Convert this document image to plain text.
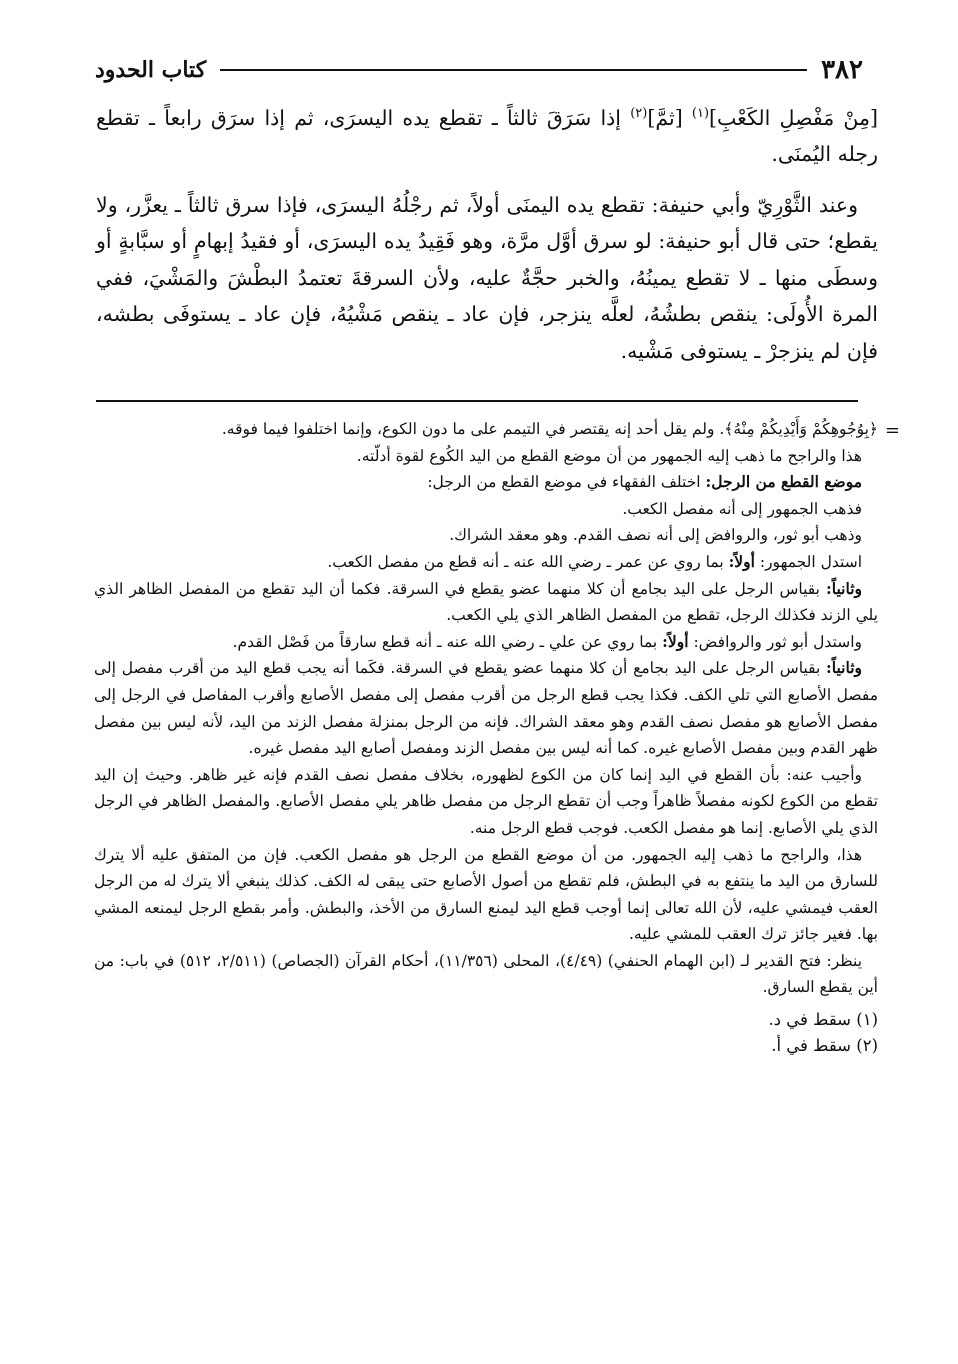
٣٨٢
كتاب الحدود

[مِنْ مَفْصِلِ الكَعْبِ]$^{(١)}$ [ثمَّ]$^{(٢)}$ إذا سَرَقَ ثالثاً ـ تقطع يده اليسرَى، ثم إذا سرَق رابعاً ـ تقطع رجله اليُمنَى.

وعند الثَّوْرِيّ وأبي حنيفة: تقطع يده اليمنَى أولاً، ثم رجْلُهُ اليسرَى، فإذا سرق ثالثاً ـ يعزَّر، ولا يقطع؛ حتى قال أبو حنيفة: لو سرق أوَّل مرَّة، وهو فَقِيدُ يده اليسرَى، أو فقيدُ إبهامٍ أو سبَّابةٍ أو وسطَى منها ـ لا تقطع يمينُهُ، والخبر حجَّةٌ عليه، ولأن السرقةَ تعتمدُ البطْشَ والمَشْيَ، ففي المرة الأُولَى: ينقص بطشُهُ، لعلَّه ينزجر، فإن عاد ـ ينقص مَشْيُهُ، فإن عاد ـ يستوفَى بطشه، فإن لم ينزجرْ ـ يستوفى مَشْيه.

=

﴿بِوُجُوهِكُمْ وَأَيْدِيكُمْ مِنْهُ﴾. ولم يقل أحد إنه يقتصر في التيمم على ما دون الكوع، وإنما اختلفوا فيما فوقه.

هذا والراجح ما ذهب إليه الجمهور من أن موضع القطع من اليد الكُوع لقوة أدلّته.

موضع القطع من الرجل: اختلف الفقهاء في موضع القطع من الرجل:

فذهب الجمهور إلى أنه مفصل الكعب.

وذهب أبو ثور، والروافض إلى أنه نصف القدم. وهو معقد الشراك.

استدل الجمهور: أولاً: بما روي عن عمر ـ رضي الله عنه ـ أنه قطع من مفصل الكعب.

وثانياً: بقياس الرجل على اليد بجامع أن كلا منهما عضو يقطع في السرقة. فكما أن اليد تقطع من المفصل الظاهر الذي يلي الزند فكذلك الرجل، تقطع من المفصل الظاهر الذي يلي الكعب.

واستدل أبو ثور والروافض: أولاً: بما روي عن علي ـ رضي الله عنه ـ أنه قطع سارقاً من فَصْل القدم.

وثانياً: بقياس الرجل على اليد بجامع أن كلا منهما عضو يقطع في السرقة. فكَما أنه يجب قطع اليد من أقرب مفصل إلى مفصل الأصابع التي تلي الكف. فكذا يجب قطع الرجل من أقرب مفصل إلى مفصل الأصابع وأقرب المفاصل في الرجل إلى مفصل الأصابع هو مفصل نصف القدم وهو معقد الشراك. فإنه من الرجل بمنزلة مفصل الزند من اليد، لأنه ليس بين مفصل ظهر القدم وبين مفصل الأصابع غيره. كما أنه ليس بين مفصل الزند ومفصل أصابع اليد مفصل غيره.

وأجيب عنه: بأن القطع في اليد إنما كان من الكوع لظهوره، بخلاف مفصل نصف القدم فإنه غير ظاهر. وحيث إن اليد تقطع من الكوع لكونه مفصلاً ظاهراً وجب أن تقطع الرجل من مفصل ظاهر يلي مفصل الأصابع. والمفصل الظاهر في الرجل الذي يلي الأصابع. إنما هو مفصل الكعب. فوجب قطع الرجل منه.

هذا، والراجح ما ذهب إليه الجمهور. من أن موضع القطع من الرجل هو مفصل الكعب. فإن من المتفق عليه ألا يترك للسارق من اليد ما ينتفع به في البطش، فلم تقطع من أصول الأصابع حتى يبقى له الكف. كذلك ينبغي ألا يترك له من الرجل العقب فيمشي عليه، لأن الله تعالى إنما أوجب قطع اليد ليمنع السارق من الأخذ، والبطش. وأمر بقطع الرجل ليمنعه المشي بها. فغير جائز ترك العقب للمشي عليه.

ينظر: فتح القدير لـ (ابن الهمام الحنفي) (٤/٤٩)، المحلى (١١/٣٥٦)، أحكام القرآن (الجصاص) (٢/٥١١، ٥١٢) في باب: من أين يقطع السارق.

(١) سقط في د.

(٢) سقط في أ.
